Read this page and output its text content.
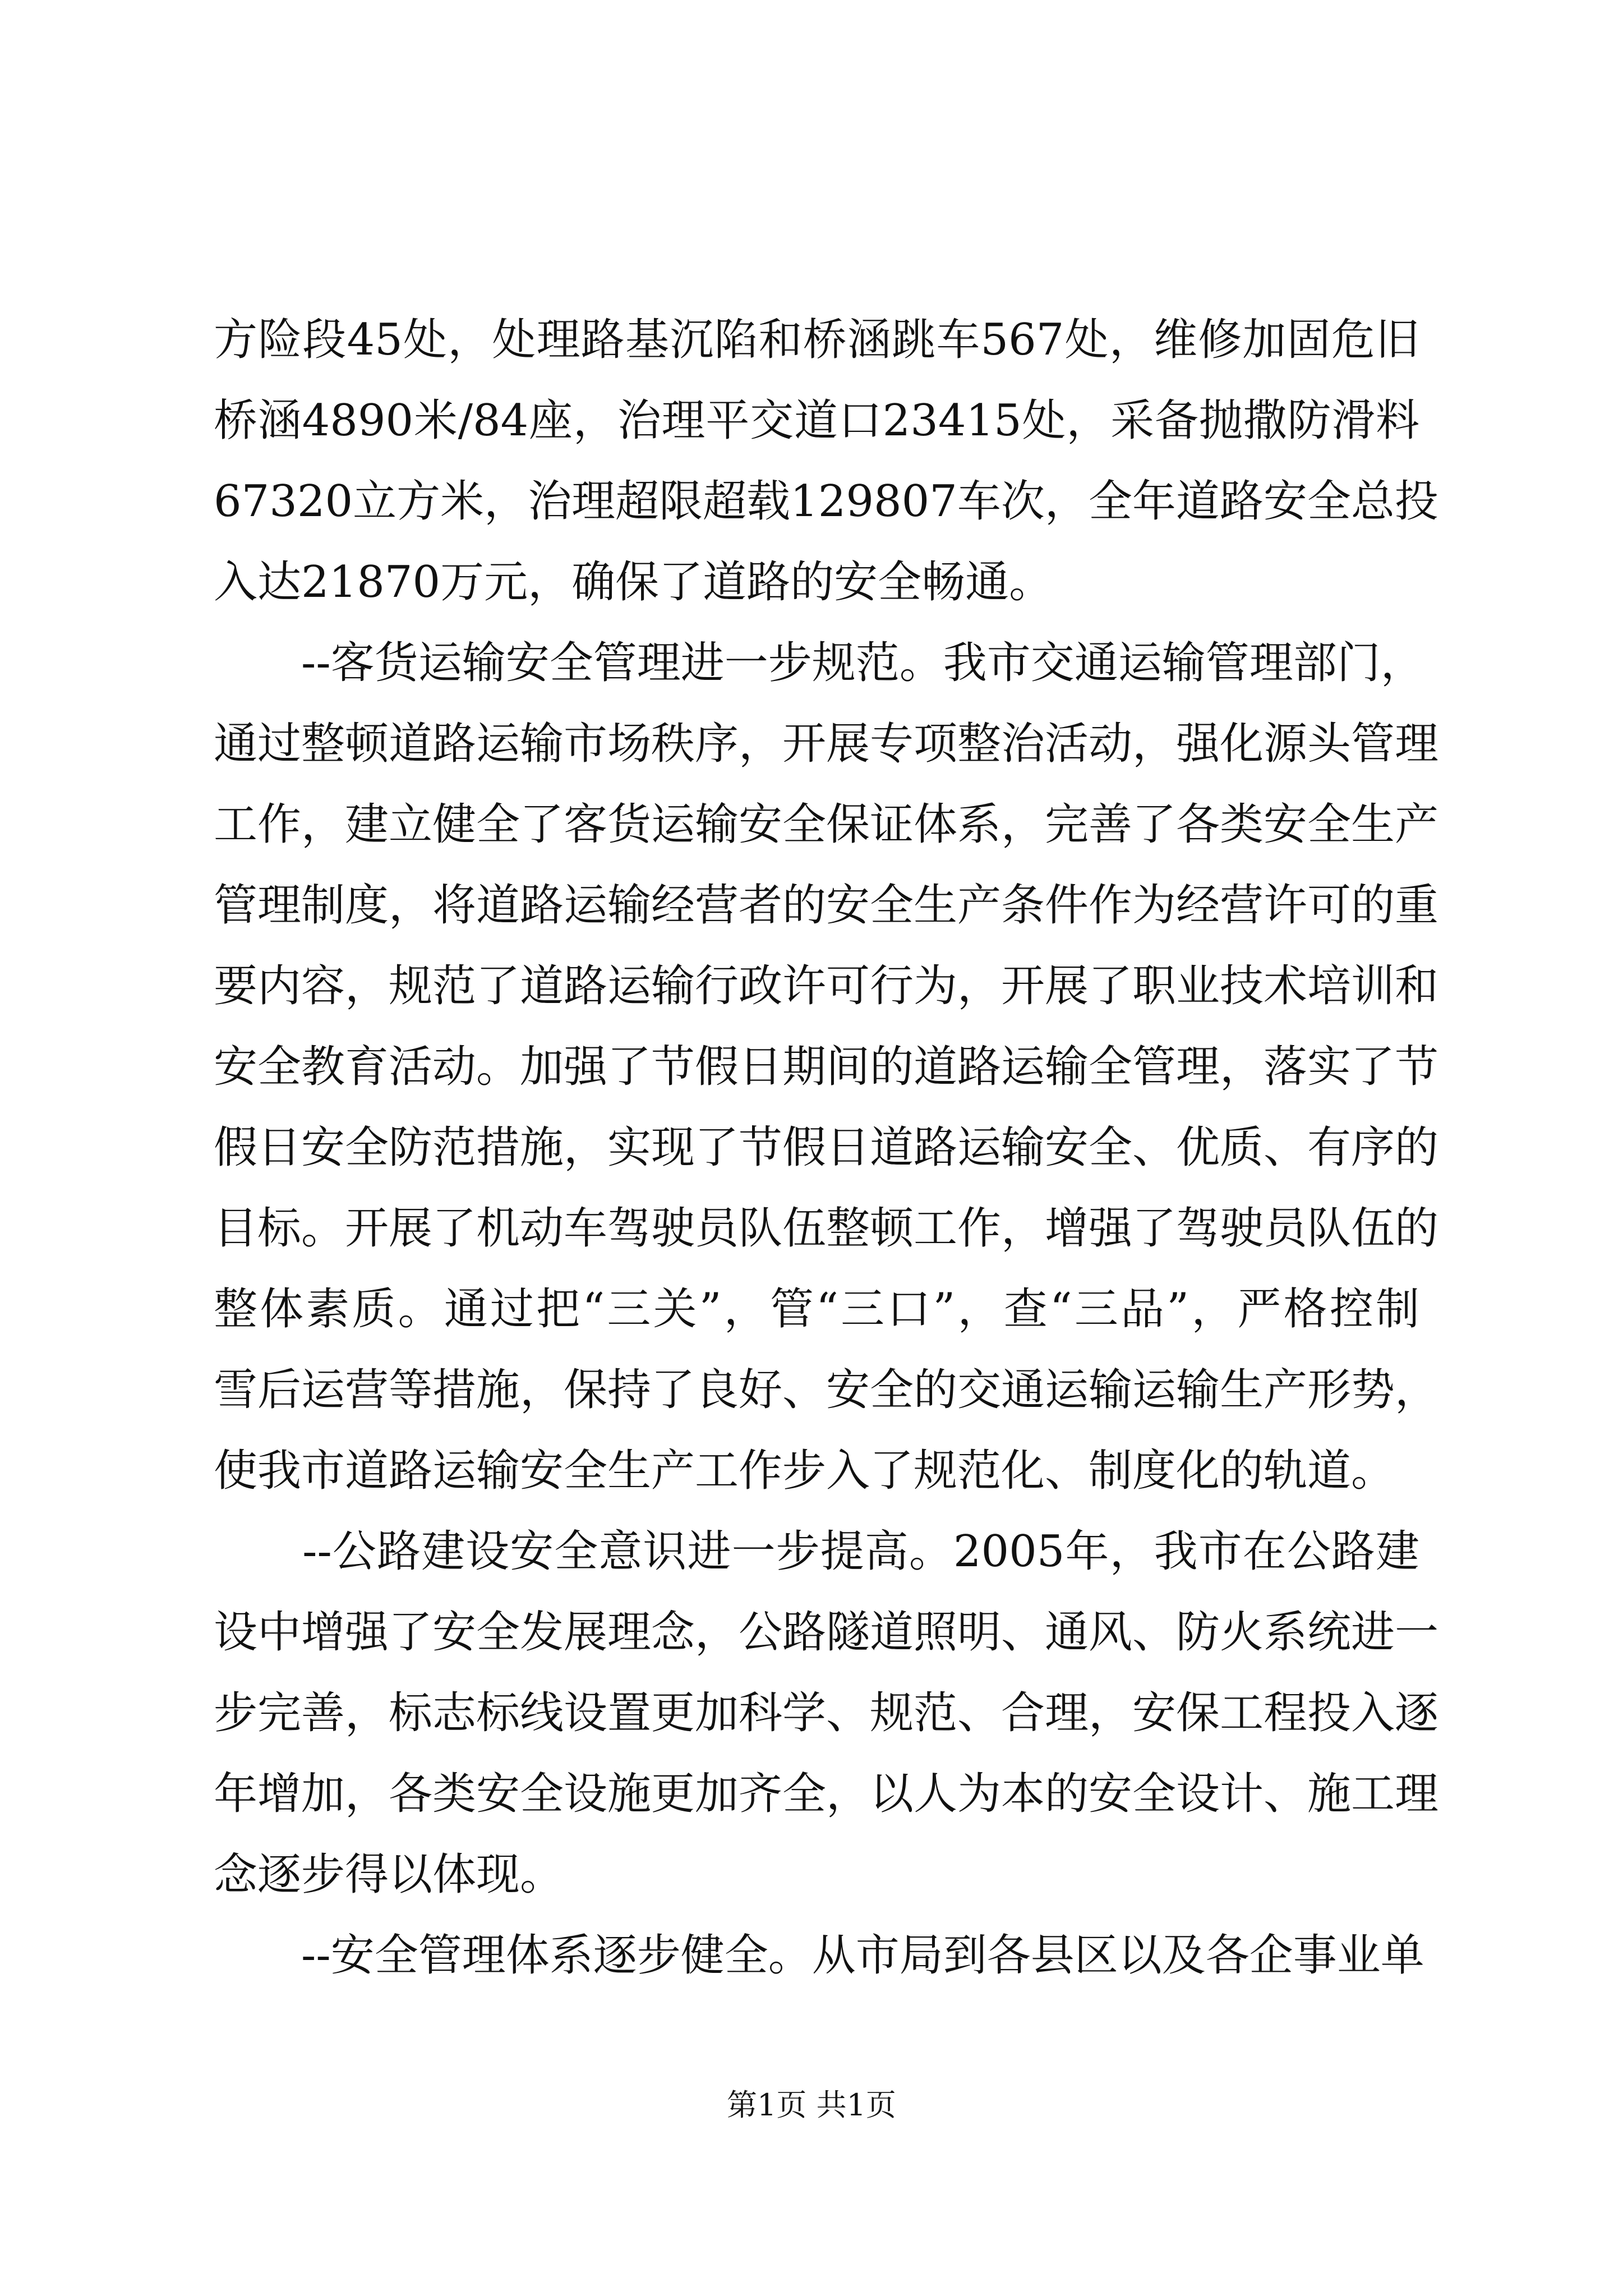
方险段45处，处理路基沉陷和桥涵跳车567处，维修加固危旧
桥涵4890米/84座，治理平交道口23415处，采备抛撒防滑料
67320立方米，治理超限超载129807车次，全年道路安全总投
入达21870万元，确保了道路的安全畅通。
　　--客货运输安全管理进一步规范。我市交通运输管理部门，
通过整顿道路运输市场秩序，开展专项整治活动，强化源头管理
工作，建立健全了客货运输安全保证体系，完善了各类安全生产
管理制度，将道路运输经营者的安全生产条件作为经营许可的重
要内容，规范了道路运输行政许可行为，开展了职业技术培训和
安全教育活动。加强了节假日期间的道路运输全管理，落实了节
假日安全防范措施，实现了节假日道路运输安全、优质、有序的
目标。开展了机动车驾驶员队伍整顿工作，增强了驾驶员队伍的
整体素质。通过把“三关”，管“三口”，查“三品”，严格控制
雪后运营等措施，保持了良好、安全的交通运输运输生产形势，
使我市道路运输安全生产工作步入了规范化、制度化的轨道。
　　--公路建设安全意识进一步提高。2005年，我市在公路建
设中增强了安全发展理念，公路隧道照明、通风、防火系统进一
步完善，标志标线设置更加科学、规范、合理，安保工程投入逐
年增加，各类安全设施更加齐全，以人为本的安全设计、施工理
念逐步得以体现。
　　--安全管理体系逐步健全。从市局到各县区以及各企事业单
第1页 共1页
